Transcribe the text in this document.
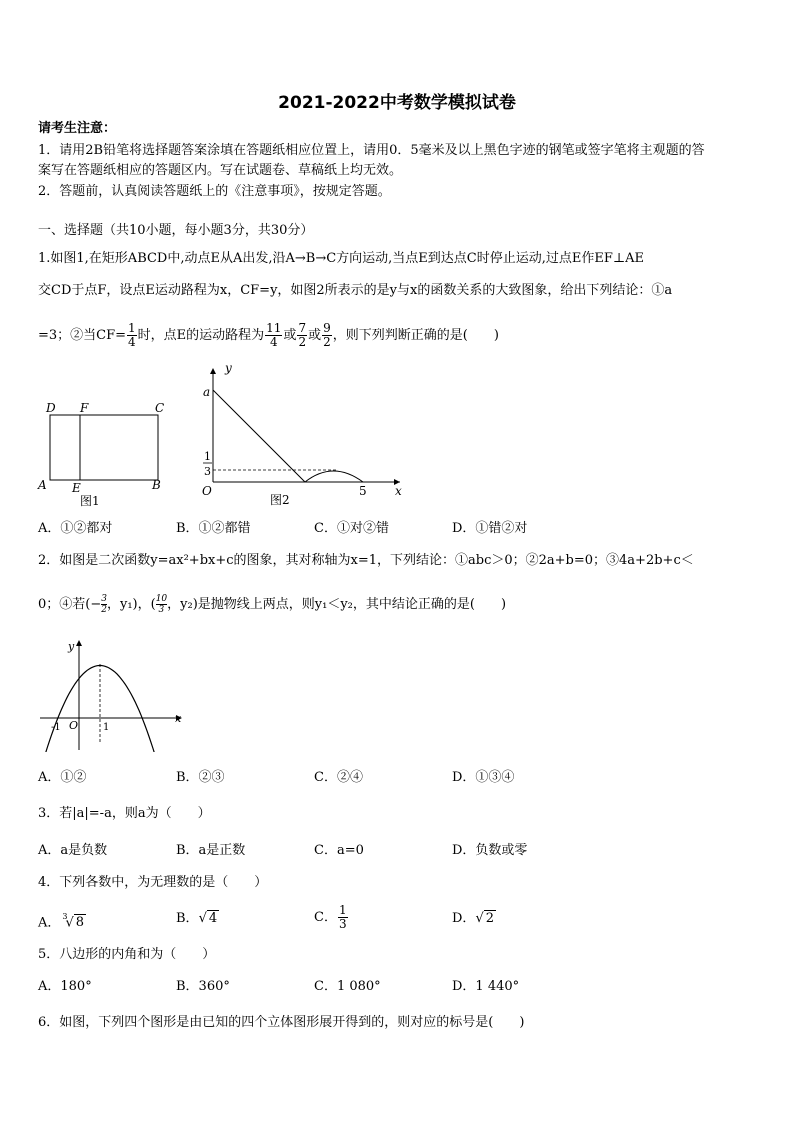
2021-2022中考数学模拟试卷
请考生注意：
1．请用2B铅笔将选择题答案涂填在答题纸相应位置上，请用0．5毫米及以上黑色字迹的钢笔或签字笔将主观题的答
案写在答题纸相应的答题区内。写在试题卷、草稿纸上均无效。
2．答题前，认真阅读答题纸上的《注意事项》，按规定答题。
一、选择题（共10小题，每小题3分，共30分）
1.如图1,在矩形ABCD中,动点E从A出发,沿A→B→C方向运动,当点E到达点C时停止运动,过点E作EF⊥AE
交CD于点F，设点E运动路程为x，CF=y，如图2所表示的是y与x的函数关系的大致图象，给出下列结论：①a
=3；②当$CF= \frac{1}{4}$ 时，点E的运动路程为 $\frac{11}{4}$ 或 $\frac{7}{2}$ 或 $\frac{9}{2}$ ，则下列判断正确的是(　　)
D F	C
A E	B
图1
y
a
1
3
O	5 x
图2
A．①②都对	B．①②都错	C．①对②错	D．①错②对
2．如图是二次函数y=ax²+bx+c的图象，其对称轴为x=1，下列结论：①abc＞0；②2a+b=0；③4a+2b+c＜
0；④若(− $\frac{3}{2}$ ，y₁)，( $\frac{10}{3}$ ，y₂)是抛物线上两点，则y₁＜y₂，其中结论正确的是(　　)
y
x
O
-1	1
A．①②	B．②③	C．②④	D．①③④
3．若|a|=-a，则a为（　　）
A．a是负数	B．a是正数	C．a=0	D．负数或零
4．下列各数中，为无理数的是（　　）
A． $^3$√ 8	B．√ 4	C． $\frac{1}{3}$	D．√ 2
5．八边形的内角和为（　　）
A．180°	B．360°	C．1 080°	D．1 440°
6．如图，下列四个图形是由已知的四个立体图形展开得到的，则对应的标号是(　　)
